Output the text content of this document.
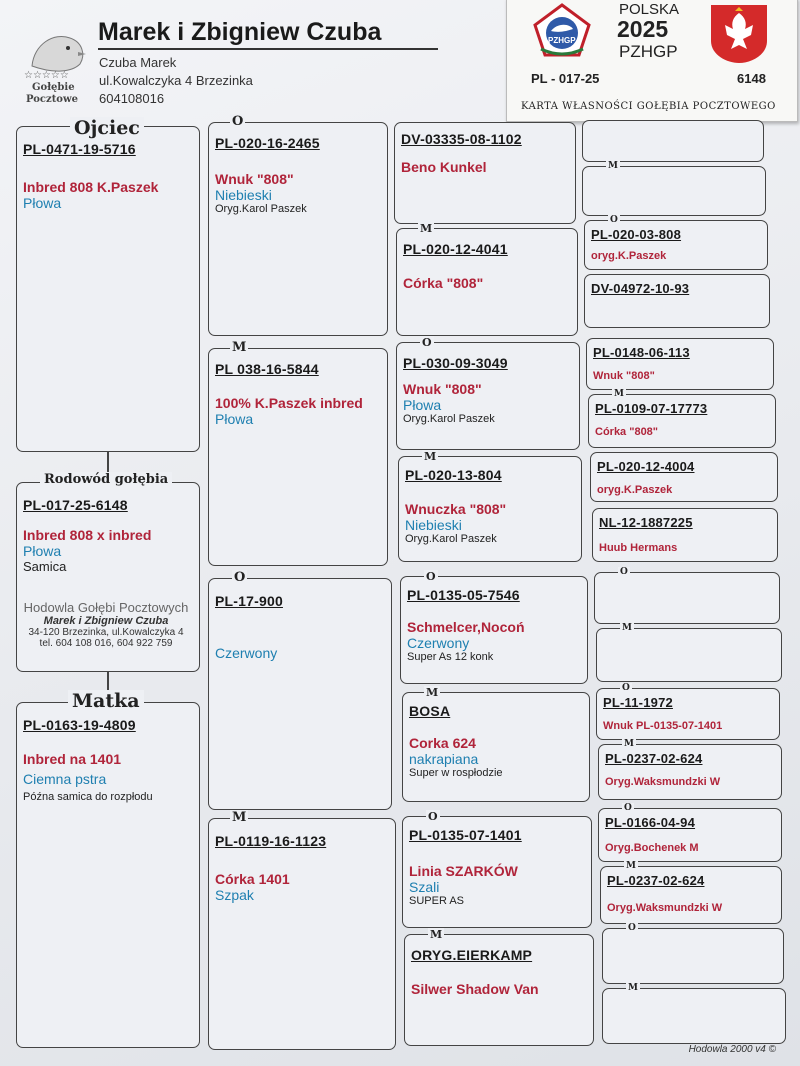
☆☆☆☆☆
Gołębie
Pocztowe
Marek i Zbigniew Czuba
Czuba Marek
ul.Kowalczyka 4 Brzezinka
604108016
PZHGP
POLSKA
2025
PZHGP
PL - 017-25	6148
KARTA WŁASNOŚCI GOŁĘBIA POCZTOWEGO
PL-0471-19-5716
Inbred 808 K.Paszek
Płowa
Ojciec
PL-017-25-6148
Inbred 808 x inbred
Płowa
Samica
Rodowód gołębia
Hodowla Gołębi Pocztowych
Marek i Zbigniew Czuba
34-120 Brzezinka, ul.Kowalczyka 4
tel. 604 108 016, 604 922 759
PL-0163-19-4809
Inbred na 1401
Ciemna pstra
Późna samica do rozpłodu
Matka
PL-020-16-2465
Wnuk "808"
Niebieski
Oryg.Karol Paszek
O
PL 038-16-5844
100% K.Paszek inbred
Płowa
M
PL-17-900
Czerwony
O
PL-0119-16-1123
Córka 1401
Szpak
M
DV-03335-08-1102
Beno Kunkel
PL-020-12-4041
Córka "808"
M
PL-030-09-3049
Wnuk "808"
Płowa
Oryg.Karol Paszek
O
PL-020-13-804
Wnuczka "808"
Niebieski
Oryg.Karol Paszek
M
PL-0135-05-7546
Schmelcer,Nocoń
Czerwony
Super As 12 konk
O
BOSA
Corka 624
nakrapiana
Super w rospłodzie
M
PL-0135-07-1401
Linia SZARKÓW
Szali
SUPER AS
O
ORYG.EIERKAMP
Silwer Shadow Van
M
M
PL-020-03-808
oryg.K.Paszek
O
DV-04972-10-93
PL-0148-06-113
Wnuk "808"
PL-0109-07-17773
Córka "808"
M
PL-020-12-4004
oryg.K.Paszek
NL-12-1887225
Huub Hermans
O
M
PL-11-1972
Wnuk PL-0135-07-1401
O
PL-0237-02-624
Oryg.Waksmundzki W
M
PL-0166-04-94
Oryg.Bochenek M
O
PL-0237-02-624
Oryg.Waksmundzki W
M
O
M
Hodowla 2000 v4 ©
